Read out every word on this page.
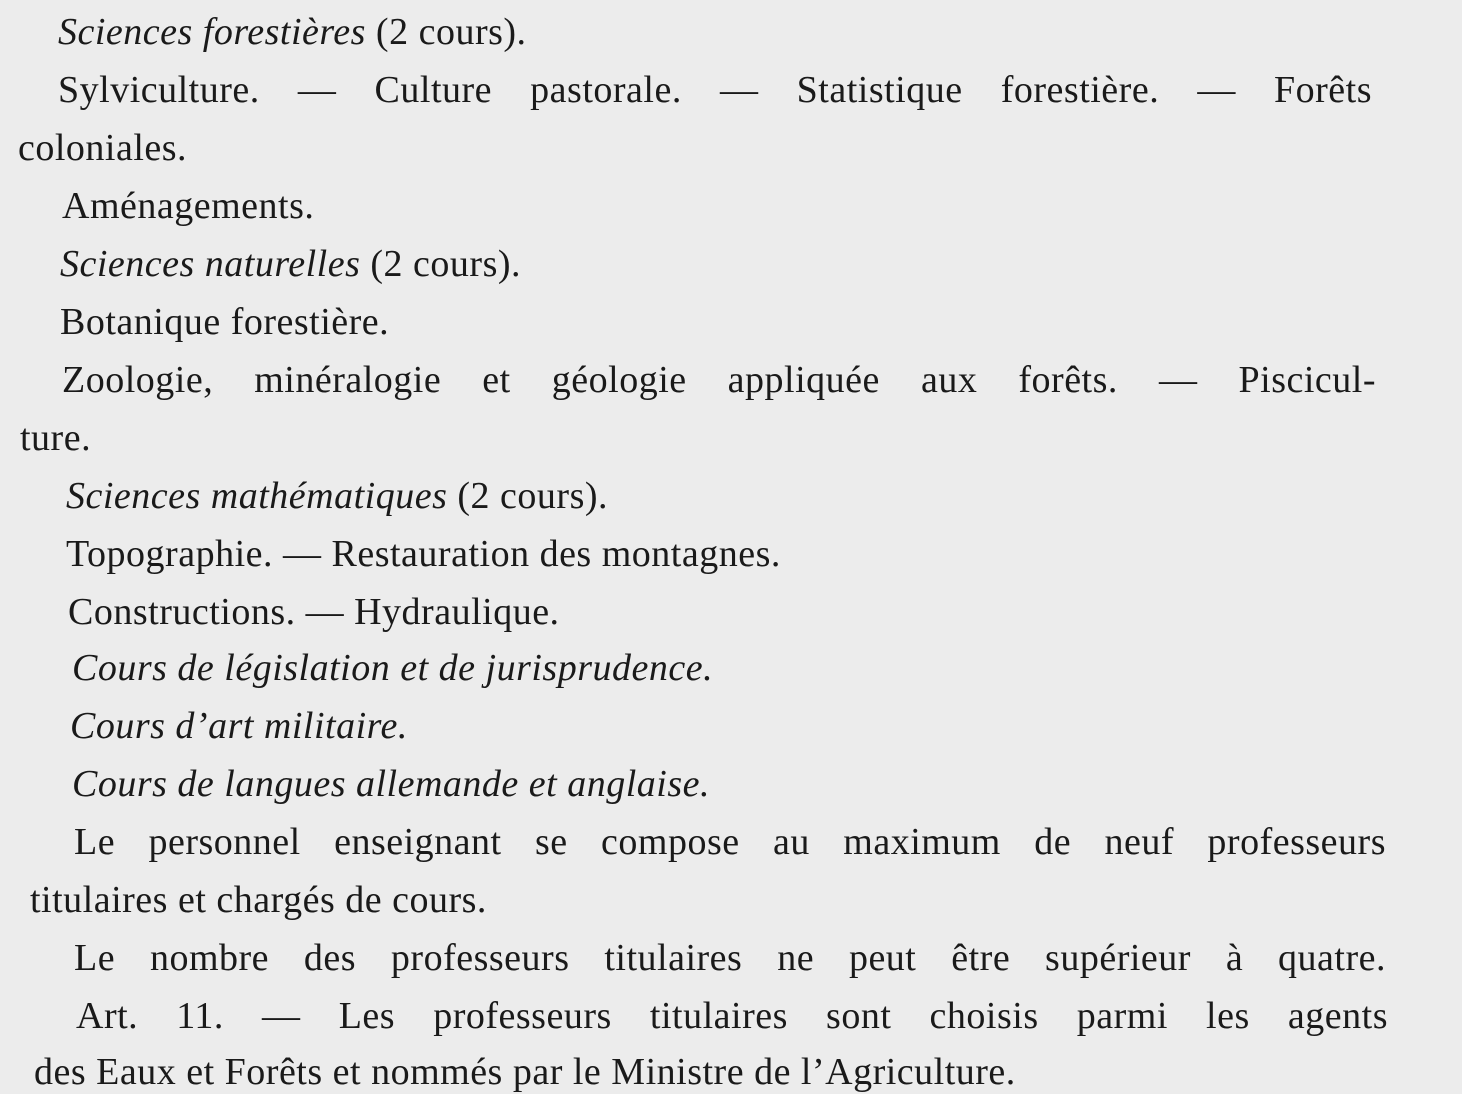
Sciences forestières (2 cours).
Sylviculture. — Culture pastorale. — Statistique forestière. — Forêts
coloniales.
Aménagements.
Sciences naturelles (2 cours).
Botanique forestière.
Zoologie, minéralogie et géologie appliquée aux forêts. — Piscicul-
ture.
Sciences mathématiques (2 cours).
Topographie. — Restauration des montagnes.
Constructions. — Hydraulique.
Cours de législation et de jurisprudence.
Cours d’art militaire.
Cours de langues allemande et anglaise.
Le personnel enseignant se compose au maximum de neuf professeurs
titulaires et chargés de cours.
Le nombre des professeurs titulaires ne peut être supérieur à quatre.
Art. 11. — Les professeurs titulaires sont choisis parmi les agents
des Eaux et Forêts et nommés par le Ministre de l’Agriculture.
